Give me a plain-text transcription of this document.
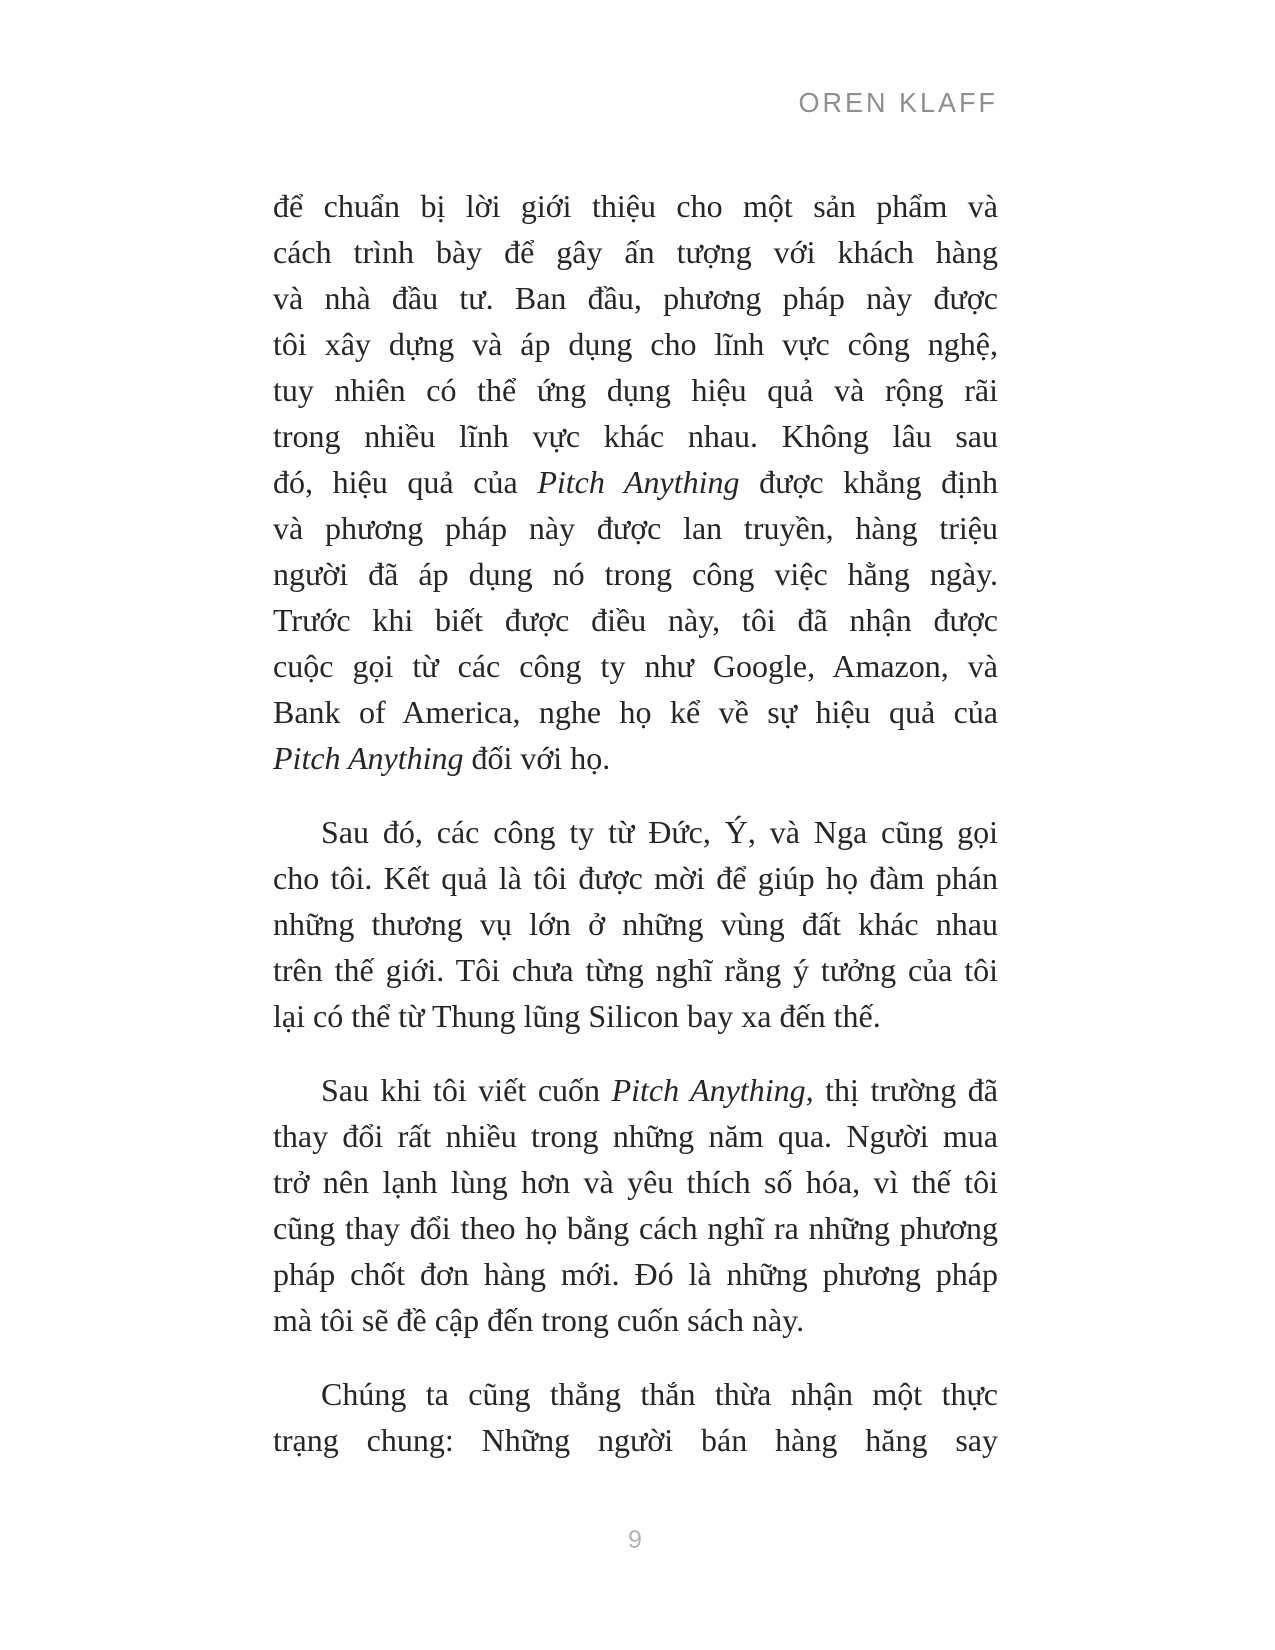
OREN KLAFF
để chuẩn bị lời giới thiệu cho một sản phẩm và
cách trình bày để gây ấn tượng với khách hàng
và nhà đầu tư. Ban đầu, phương pháp này được
tôi xây dựng và áp dụng cho lĩnh vực công nghệ,
tuy nhiên có thể ứng dụng hiệu quả và rộng rãi
trong nhiều lĩnh vực khác nhau. Không lâu sau
đó, hiệu quả của Pitch Anything được khẳng định
và phương pháp này được lan truyền, hàng triệu
người đã áp dụng nó trong công việc hằng ngày.
Trước khi biết được điều này, tôi đã nhận được
cuộc gọi từ các công ty như Google, Amazon, và
Bank of America, nghe họ kể về sự hiệu quả của
Pitch Anything đối với họ.
Sau đó, các công ty từ Đức, Ý, và Nga cũng gọi
cho tôi. Kết quả là tôi được mời để giúp họ đàm phán
những thương vụ lớn ở những vùng đất khác nhau
trên thế giới. Tôi chưa từng nghĩ rằng ý tưởng của tôi
lại có thể từ Thung lũng Silicon bay xa đến thế.
Sau khi tôi viết cuốn Pitch Anything, thị trường đã
thay đổi rất nhiều trong những năm qua. Người mua
trở nên lạnh lùng hơn và yêu thích số hóa, vì thế tôi
cũng thay đổi theo họ bằng cách nghĩ ra những phương
pháp chốt đơn hàng mới. Đó là những phương pháp
mà tôi sẽ đề cập đến trong cuốn sách này.
Chúng ta cũng thẳng thắn thừa nhận một thực
trạng chung: Những người bán hàng hăng say
9
